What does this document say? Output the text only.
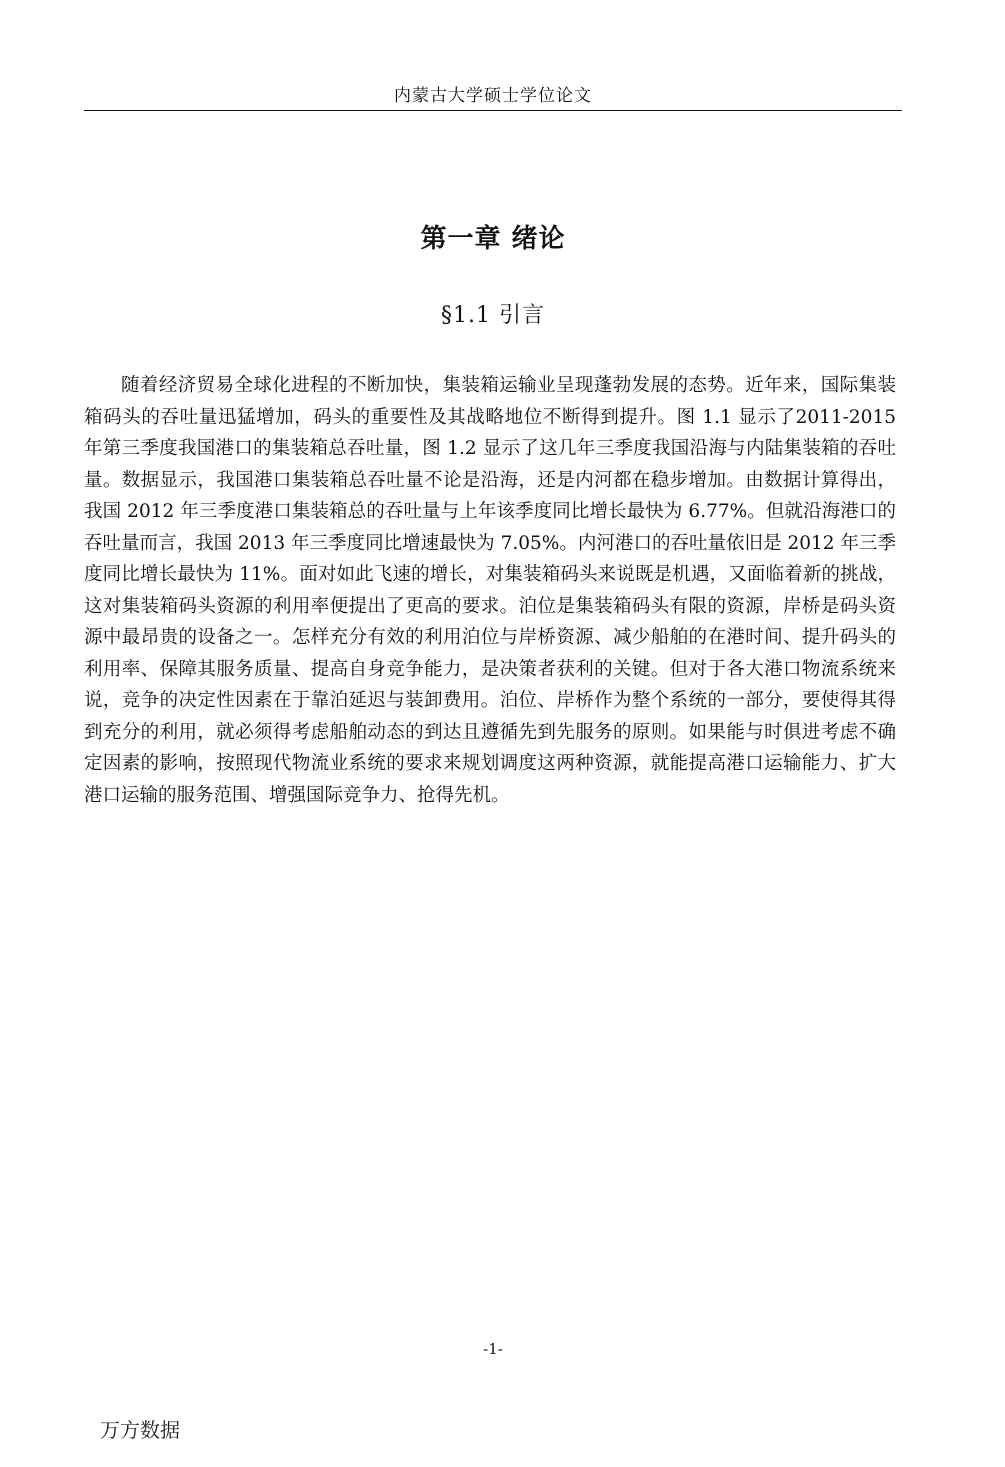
内蒙古大学硕士学位论文
第一章 绪论
§1.1 引言

随着经济贸易全球化进程的不断加快，集装箱运输业呈现蓬勃发展的态势。近年来，国际集装箱码头的吞吐量迅猛增加，码头的重要性及其战略地位不断得到提升。图 1.1 显示了2011-2015 年第三季度我国港口的集装箱总吞吐量，图 1.2 显示了这几年三季度我国沿海与内陆集装箱的吞吐量。数据显示，我国港口集装箱总吞吐量不论是沿海，还是内河都在稳步增加。由数据计算得出，我国 2012 年三季度港口集装箱总的吞吐量与上年该季度同比增长最快为 6.77%。但就沿海港口的吞吐量而言，我国 2013 年三季度同比增速最快为 7.05%。内河港口的吞吐量依旧是 2012 年三季度同比增长最快为 11%。面对如此飞速的增长，对集装箱码头来说既是机遇，又面临着新的挑战，这对集装箱码头资源的利用率便提出了更高的要求。泊位是集装箱码头有限的资源，岸桥是码头资源中最昂贵的设备之一。怎样充分有效的利用泊位与岸桥资源、减少船舶的在港时间、提升码头的利用率、保障其服务质量、提高自身竞争能力，是决策者获利的关键。但对于各大港口物流系统来说，竞争的决定性因素在于靠泊延迟与装卸费用。泊位、岸桥作为整个系统的一部分，要使得其得到充分的利用，就必须得考虑船舶动态的到达且遵循先到先服务的原则。如果能与时俱进考虑不确定因素的影响，按照现代物流业系统的要求来规划调度这两种资源，就能提高港口运输能力、扩大港口运输的服务范围、增强国际竞争力、抢得先机。

-1-
万方数据
